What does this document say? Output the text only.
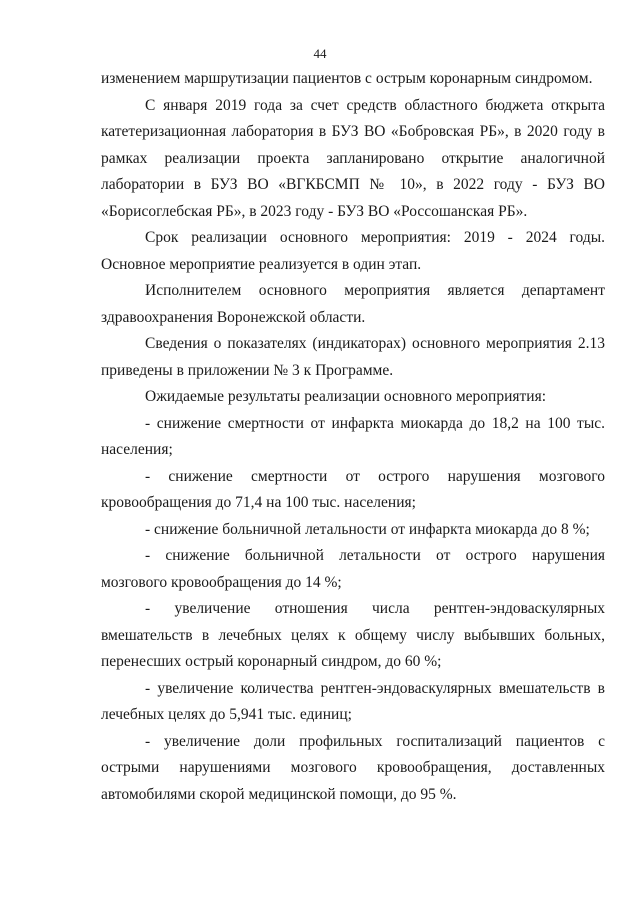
44

изменением маршрутизации пациентов с острым коронарным синдромом.

С января 2019 года за счет средств областного бюджета открыта катетеризационная лаборатория в БУЗ ВО «Бобровская РБ», в 2020 году в рамках реализации проекта запланировано открытие аналогичной лаборатории в БУЗ ВО «ВГКБСМП № 10», в 2022 году - БУЗ ВО «Борисоглебская РБ», в 2023 году - БУЗ ВО «Россошанская РБ».

Срок реализации основного мероприятия: 2019 - 2024 годы. Основное мероприятие реализуется в один этап.

Исполнителем основного мероприятия является департамент здравоохранения Воронежской области.

Сведения о показателях (индикаторах) основного мероприятия 2.13 приведены в приложении № 3 к Программе.

Ожидаемые результаты реализации основного мероприятия:

- снижение смертности от инфаркта миокарда до 18,2 на 100 тыс. населения;

- снижение смертности от острого нарушения мозгового кровообращения до 71,4 на 100 тыс. населения;

- снижение больничной летальности от инфаркта миокарда до 8 %;

- снижение больничной летальности от острого нарушения мозгового кровообращения до 14 %;

- увеличение отношения числа рентген-эндоваскулярных вмешательств в лечебных целях к общему числу выбывших больных, перенесших острый коронарный синдром, до 60 %;

- увеличение количества рентген-эндоваскулярных вмешательств в лечебных целях до 5,941 тыс. единиц;

- увеличение доли профильных госпитализаций пациентов с острыми нарушениями мозгового кровообращения, доставленных автомобилями скорой медицинской помощи, до 95 %.
